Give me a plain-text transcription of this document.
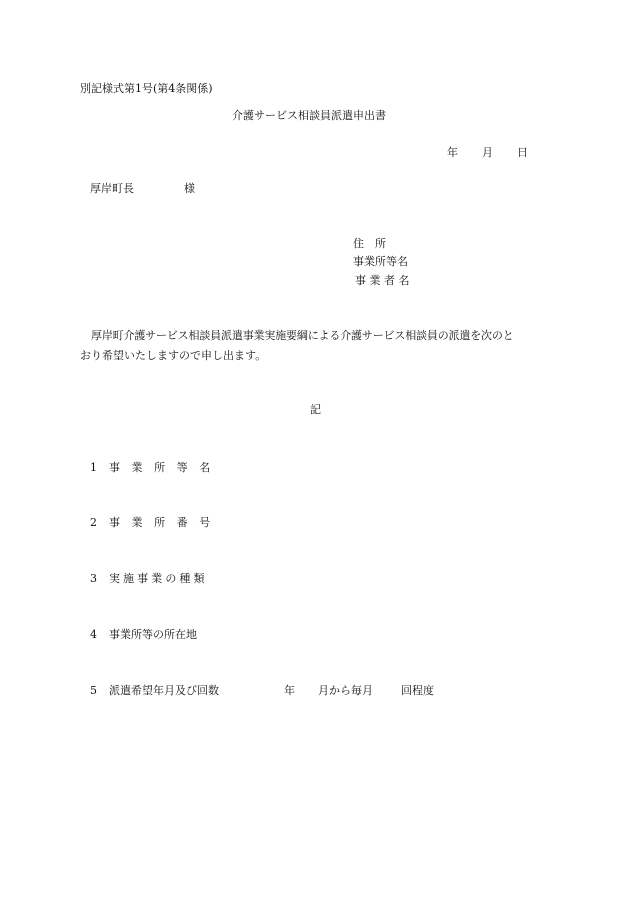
別記様式第1号(第4条関係)
介護サービス相談員派遣申出書
年 月 日
厚岸町長	様
住　所
事業所等名
事業者名
厚岸町介護サービス相談員派遣事業実施要綱による介護サービス相談員の派遣を次のと
おり希望いたしますので申し出ます。
記
1 事業所等名
2 事業所番号
3 実施事業の種類
4 事業所等の所在地
5 派遣希望年月及び回数	年 月から毎月	回程度
